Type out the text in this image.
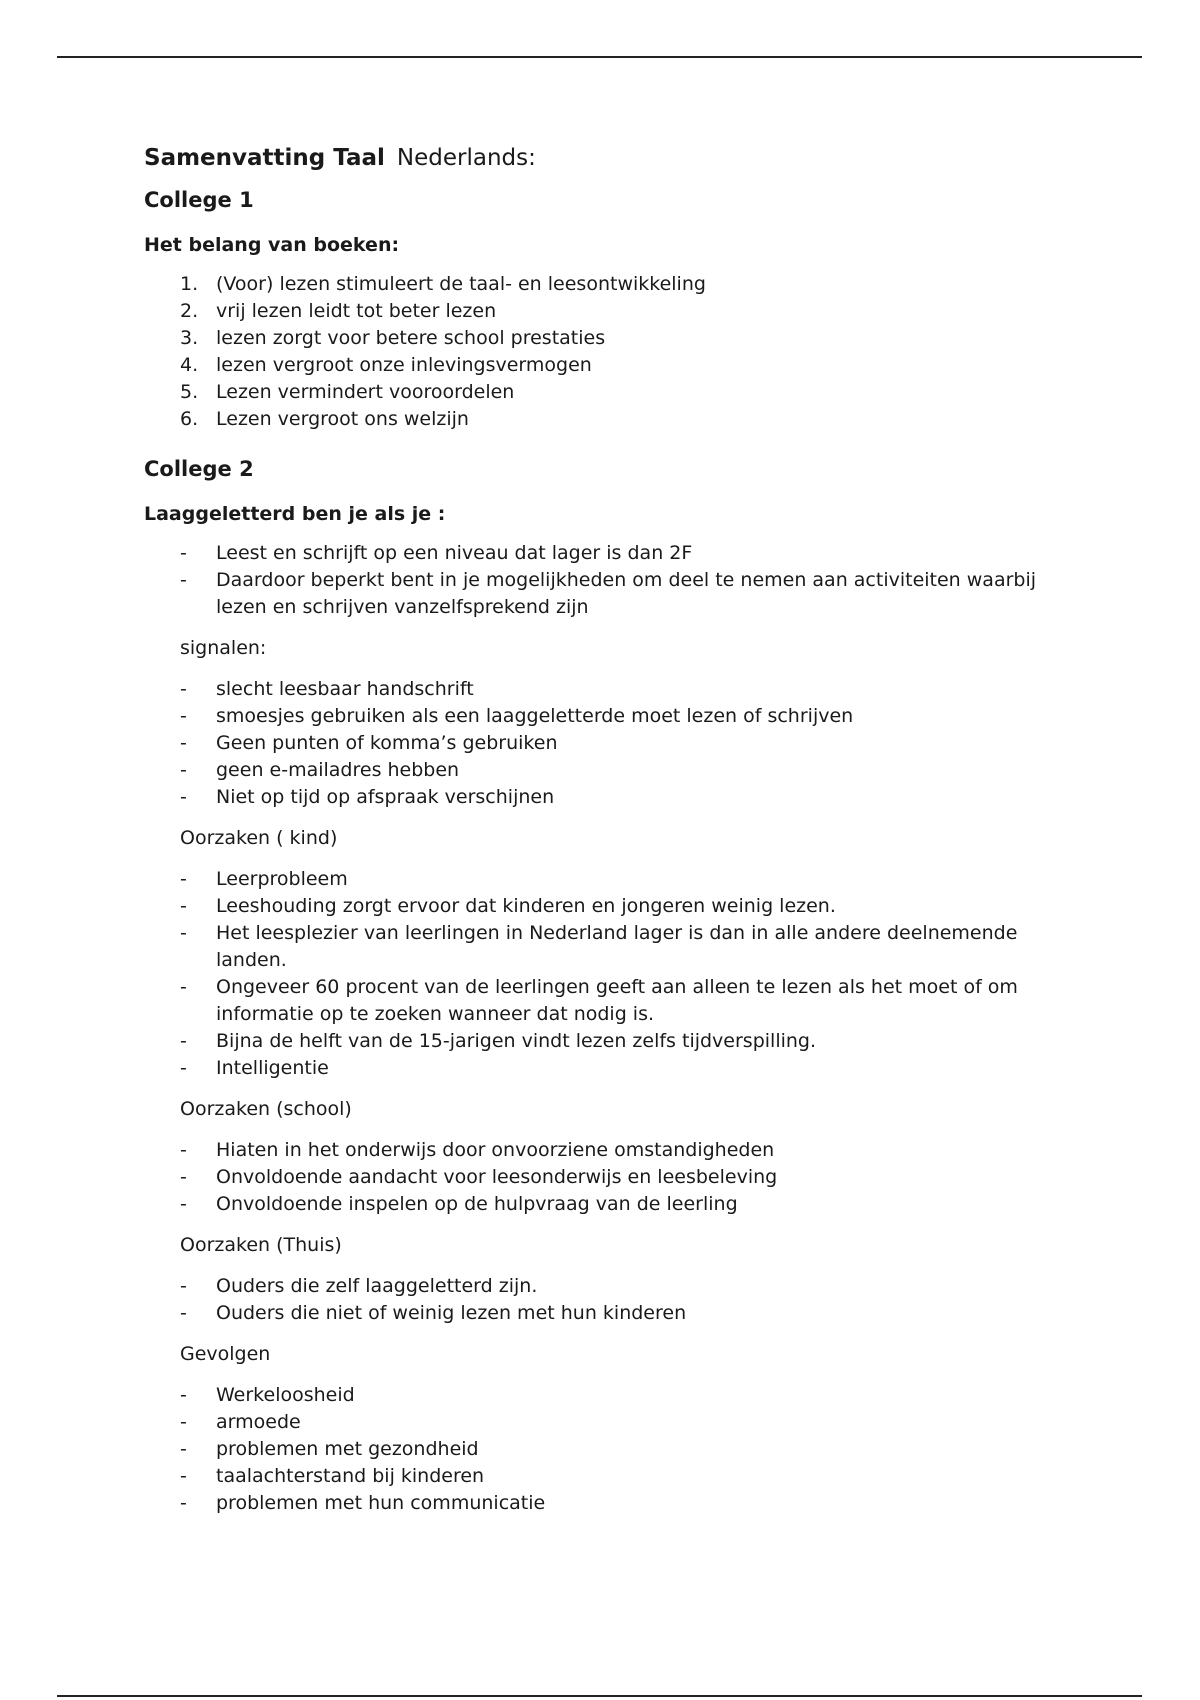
Samenvatting Taal Nederlands:
College 1
Het belang van boeken:
1. (Voor) lezen stimuleert de taal- en leesontwikkeling
2. vrij lezen leidt tot beter lezen
3. lezen zorgt voor betere school prestaties
4. lezen vergroot onze inlevingsvermogen
5. Lezen vermindert vooroordelen
6. Lezen vergroot ons welzijn
College 2
Laaggeletterd ben je als je :
- Leest en schrijft op een niveau dat lager is dan 2F
- Daardoor beperkt bent in je mogelijkheden om deel te nemen aan activiteiten waarbij lezen en schrijven vanzelfsprekend zijn

signalen:

- slecht leesbaar handschrift
- smoesjes gebruiken als een laaggeletterde moet lezen of schrijven
- Geen punten of komma’s gebruiken
- geen e-mailadres hebben
- Niet op tijd op afspraak verschijnen

Oorzaken ( kind)

- Leerprobleem
- Leeshouding zorgt ervoor dat kinderen en jongeren weinig lezen.
- Het leesplezier van leerlingen in Nederland lager is dan in alle andere deelnemende landen.
- Ongeveer 60 procent van de leerlingen geeft aan alleen te lezen als het moet of om informatie op te zoeken wanneer dat nodig is.
- Bijna de helft van de 15-jarigen vindt lezen zelfs tijdverspilling.
- Intelligentie

Oorzaken (school)

- Hiaten in het onderwijs door onvoorziene omstandigheden
- Onvoldoende aandacht voor leesonderwijs en leesbeleving
- Onvoldoende inspelen op de hulpvraag van de leerling

Oorzaken (Thuis)

- Ouders die zelf laaggeletterd zijn.
- Ouders die niet of weinig lezen met hun kinderen

Gevolgen

- Werkeloosheid
- armoede
- problemen met gezondheid
- taalachterstand bij kinderen
- problemen met hun communicatie
